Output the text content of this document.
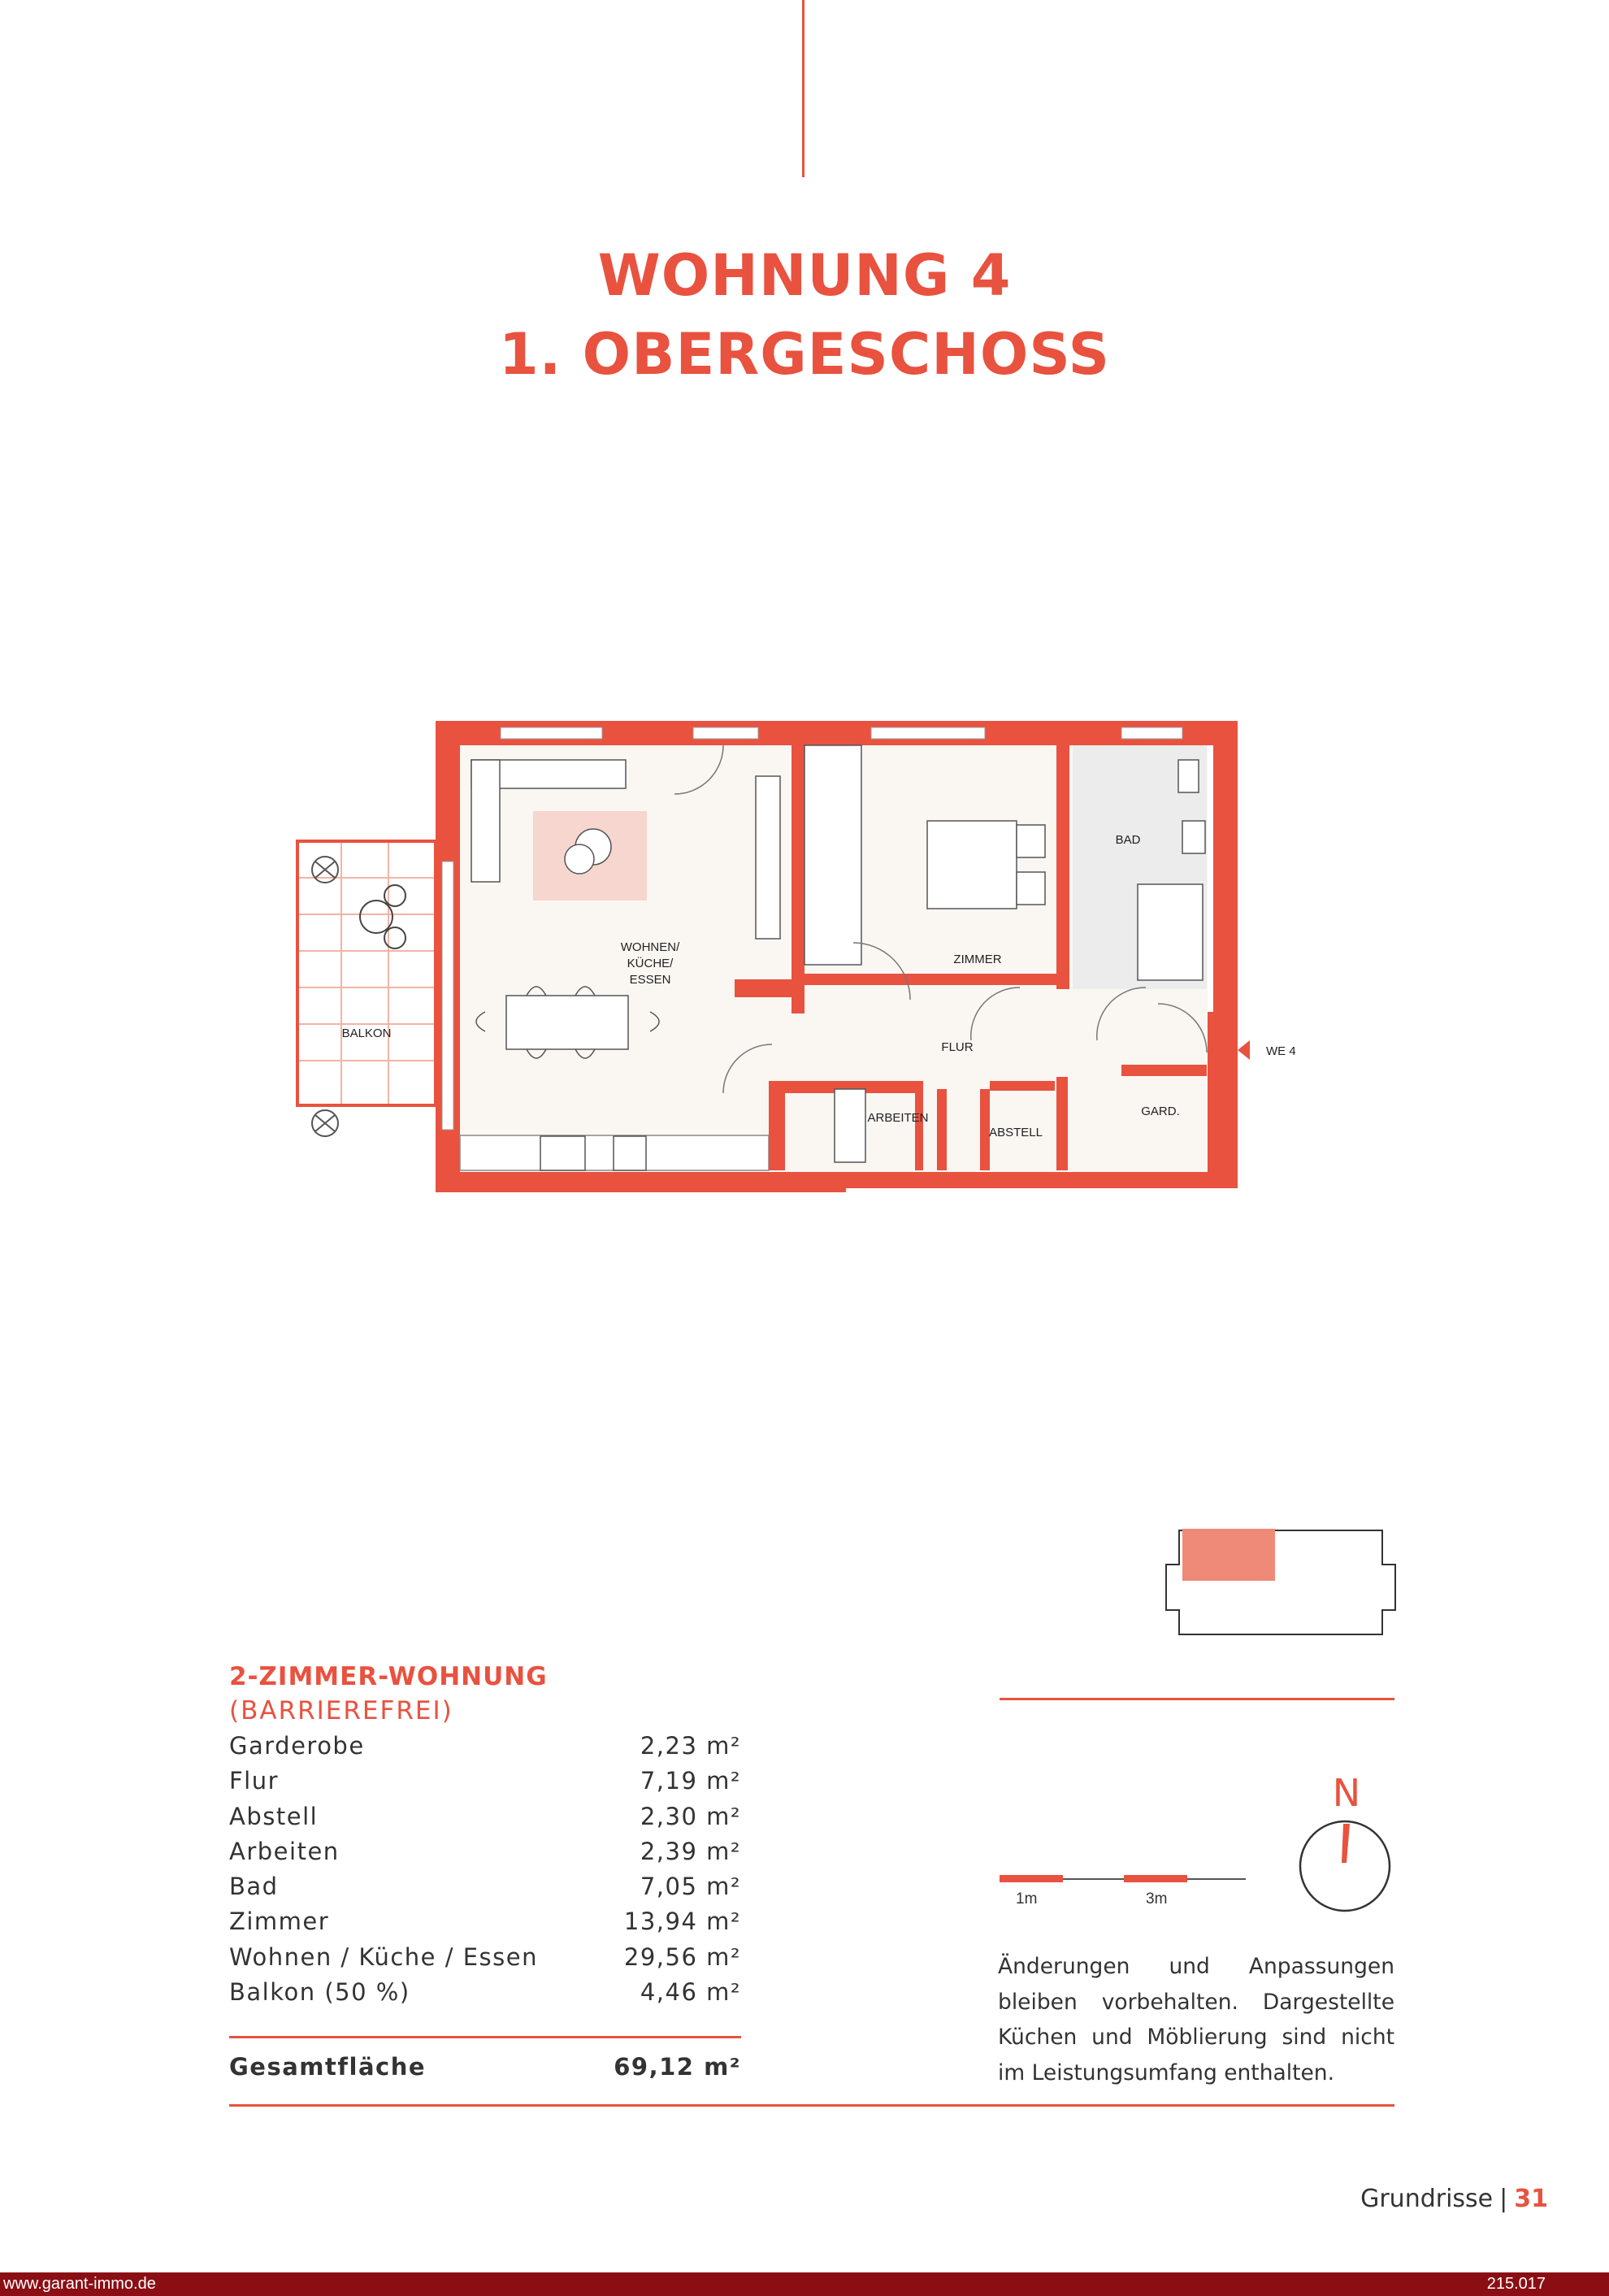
WOHNUNG 4
1. OBERGESCHOSS
WOHNEN/
KÜCHE/
ESSEN
ZIMMER
BAD
FLUR
ARBEITEN
ABSTELL
GARD.
BALKON
WE 4
2-ZIMMER-WOHNUNG
(BARRIEREFREI)
Garderobe	2,23 m²
Flur	7,19 m²
Abstell	2,30 m²
Arbeiten	2,39 m²
Bad	7,05 m²
Zimmer	13,94 m²
Wohnen / Küche / Essen	29,56 m²
Balkon (50 %)	4,46 m²
Gesamtfläche	69,12 m²
1m	3m
N
Änderungen und Anpassungen bleiben vorbehalten. Dargestellte Küchen und Möblierung sind nicht im Leistungsumfang enthalten.
Grundrisse | 31
www.garant-immo.de	215.017
